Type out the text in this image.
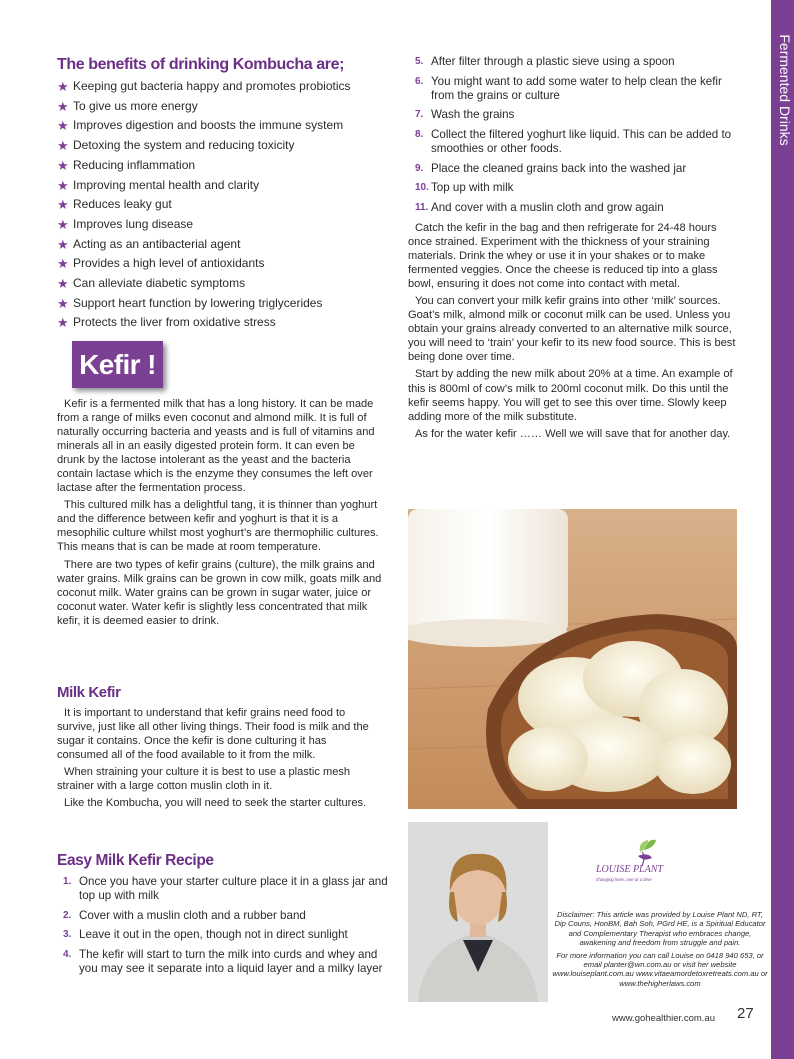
Fermented Drinks
The benefits of drinking Kombucha are;
★ Keeping gut bacteria happy and promotes probiotics
★ To give us more energy
★ Improves digestion and boosts the immune system
★ Detoxing the system and reducing toxicity
★ Reducing inflammation
★ Improving mental health and clarity
★ Reduces leaky gut
★ Improves lung disease
★ Acting as an antibacterial agent
★ Provides a high level of antioxidants
★ Can alleviate diabetic symptoms
★ Support heart function by lowering triglycerides
★ Protects the liver from oxidative stress
Kefir !

Kefir is a fermented milk that has a long history. It can be made from a range of milks even coconut and almond milk. It is full of naturally occurring bacteria and yeasts and is full of vitamins and minerals all in an easily digested protein form. It can even be drunk by the lactose intolerant as the yeast and the bacteria contain lactase which is the enzyme they consumes the left over lactase after the fermentation process.

This cultured milk has a delightful tang, it is thinner than yoghurt and the difference between kefir and yoghurt is that it is a mesophilic culture whilst most yoghurt’s are thermophilic cultures. This means that is can be made at room temperature.

There are two types of kefir grains (culture), the milk grains and water grains. Milk grains can be grown in cow milk, goats milk and coconut milk. Water grains can be grown in sugar water, juice or coconut water. Water kefir is slightly less concentrated that milk kefir, it is deemed easier to drink.

Milk Kefir

It is important to understand that kefir grains need food to survive, just like all other living things. Their food is milk and the sugar it contains. Once the kefir is done culturing it has consumed all of the food available to it from the milk.

When straining your culture it is best to use a plastic mesh strainer with a large cotton muslin cloth in it.

Like the Kombucha, you will need to seek the starter cultures.

Easy Milk Kefir Recipe
1. Once you have your starter culture place it in a glass jar and top up with milk
2. Cover with a muslin cloth and a rubber band
3. Leave it out in the open, though not in direct sunlight
4. The kefir will start to turn the milk into curds and whey and you may see it separate into a liquid layer and a milky layer
5. After filter through a plastic sieve using a spoon
6. You might want to add some water to help clean the kefir from the grains or culture
7. Wash the grains
8. Collect the filtered yoghurt like liquid. This can be added to smoothies or other foods.
9. Place the cleaned grains back into the washed jar
10. Top up with milk
11. And cover with a muslin cloth and grow again

Catch the kefir in the bag and then refrigerate for 24-48 hours once strained. Experiment with the thickness of your straining materials. Drink the whey or use it in your shakes or to make fermented veggies. Once the cheese is reduced tip into a glass bowl, ensuring it does not come into contact with metal.

You can convert your milk kefir grains into other ‘milk’ sources. Goat’s milk, almond milk or coconut milk can be used. Unless you obtain your grains already converted to an alternative milk source, you will need to ‘train’ your kefir to its new food source. This is best being done over time.

Start by adding the new milk about 20% at a time. An example of this is 800ml of cow’s milk to 200ml coconut milk. Do this until the kefir seems happy. You will get to see this over time. Slowly keep adding more of the milk substitute.

As for the water kefir …… Well we will save that for another day.

LOUISE PLANT
changing lives, one at a time
Disclaimer: This article was provided by Louise Plant ND, RT, Dip Couns, HonBM, Bah Soh, PGrd HE, is a Spiritual Educator and Complementary Therapist who embraces change, awakening and freedom from struggle and pain.
For more information you can call Louise on 0418 940 653, or email planter@wn.com.au or visit her website www.louiseplant.com.au www.vitaeamordetoxretreats.com.au or www.thehigherlaws.com
www.gohealthier.com.au 27
